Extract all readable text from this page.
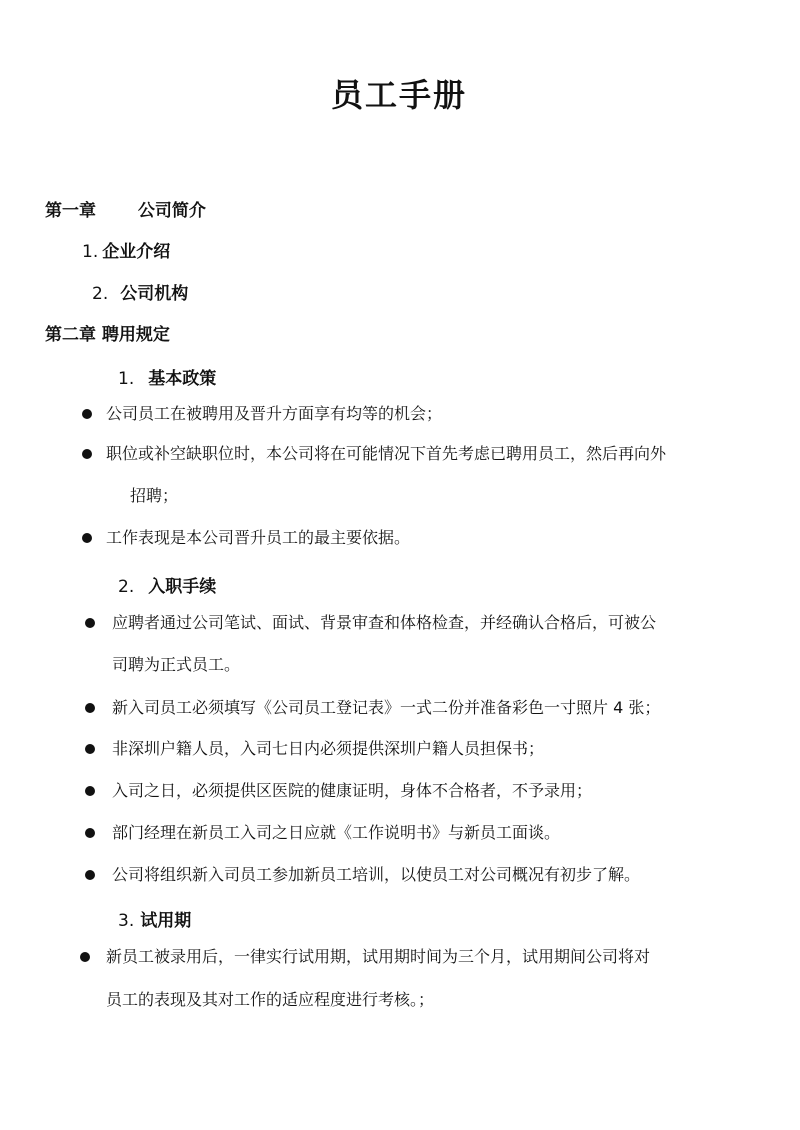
员工手册
第一章 公司简介
1. 企业介绍
2. 公司机构
第二章 聘用规定
1. 基本政策
公司员工在被聘用及晋升方面享有均等的机会；
职位或补空缺职位时，本公司将在可能情况下首先考虑已聘用员工，然后再向外
招聘；
工作表现是本公司晋升员工的最主要依据。
2. 入职手续
应聘者通过公司笔试、面试、背景审查和体格检查，并经确认合格后，可被公
司聘为正式员工。
新入司员工必须填写《公司员工登记表》一式二份并准备彩色一寸照片 4 张；
非深圳户籍人员，入司七日内必须提供深圳户籍人员担保书；
入司之日，必须提供区医院的健康证明，身体不合格者，不予录用；
部门经理在新员工入司之日应就《工作说明书》与新员工面谈。
公司将组织新入司员工参加新员工培训，以使员工对公司概况有初步了解。
3. 试用期
新员工被录用后，一律实行试用期，试用期时间为三个月，试用期间公司将对
员工的表现及其对工作的适应程度进行考核。；
